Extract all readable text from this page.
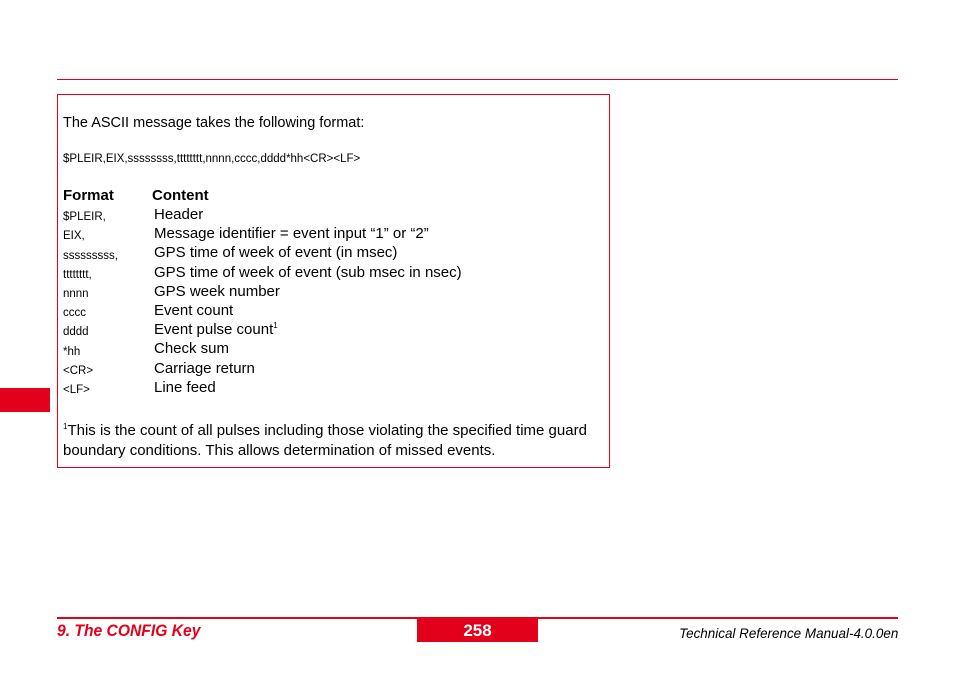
The ASCII message takes the following format:
$PLEIR,EIX,ssssssss,tttttttt,nnnn,cccc,dddd*hh<CR><LF>
Format	Content
$PLEIR,	Header
EIX,	Message identifier = event input “1” or “2”
sssssssss, GPS time of week of event (in msec)
tttttttt,	GPS time of week of event (sub msec in nsec)
nnnn	GPS week number
cccc	Event count
dddd	Event pulse count$^1$
*hh	Check sum
<CR>	Carriage return
<LF>	Line feed
$^1$This is the count of all pulses including those violating the specified time guard boundary conditions. This allows determination of missed events.
9. The CONFIG Key	258	Technical Reference Manual-4.0.0en
